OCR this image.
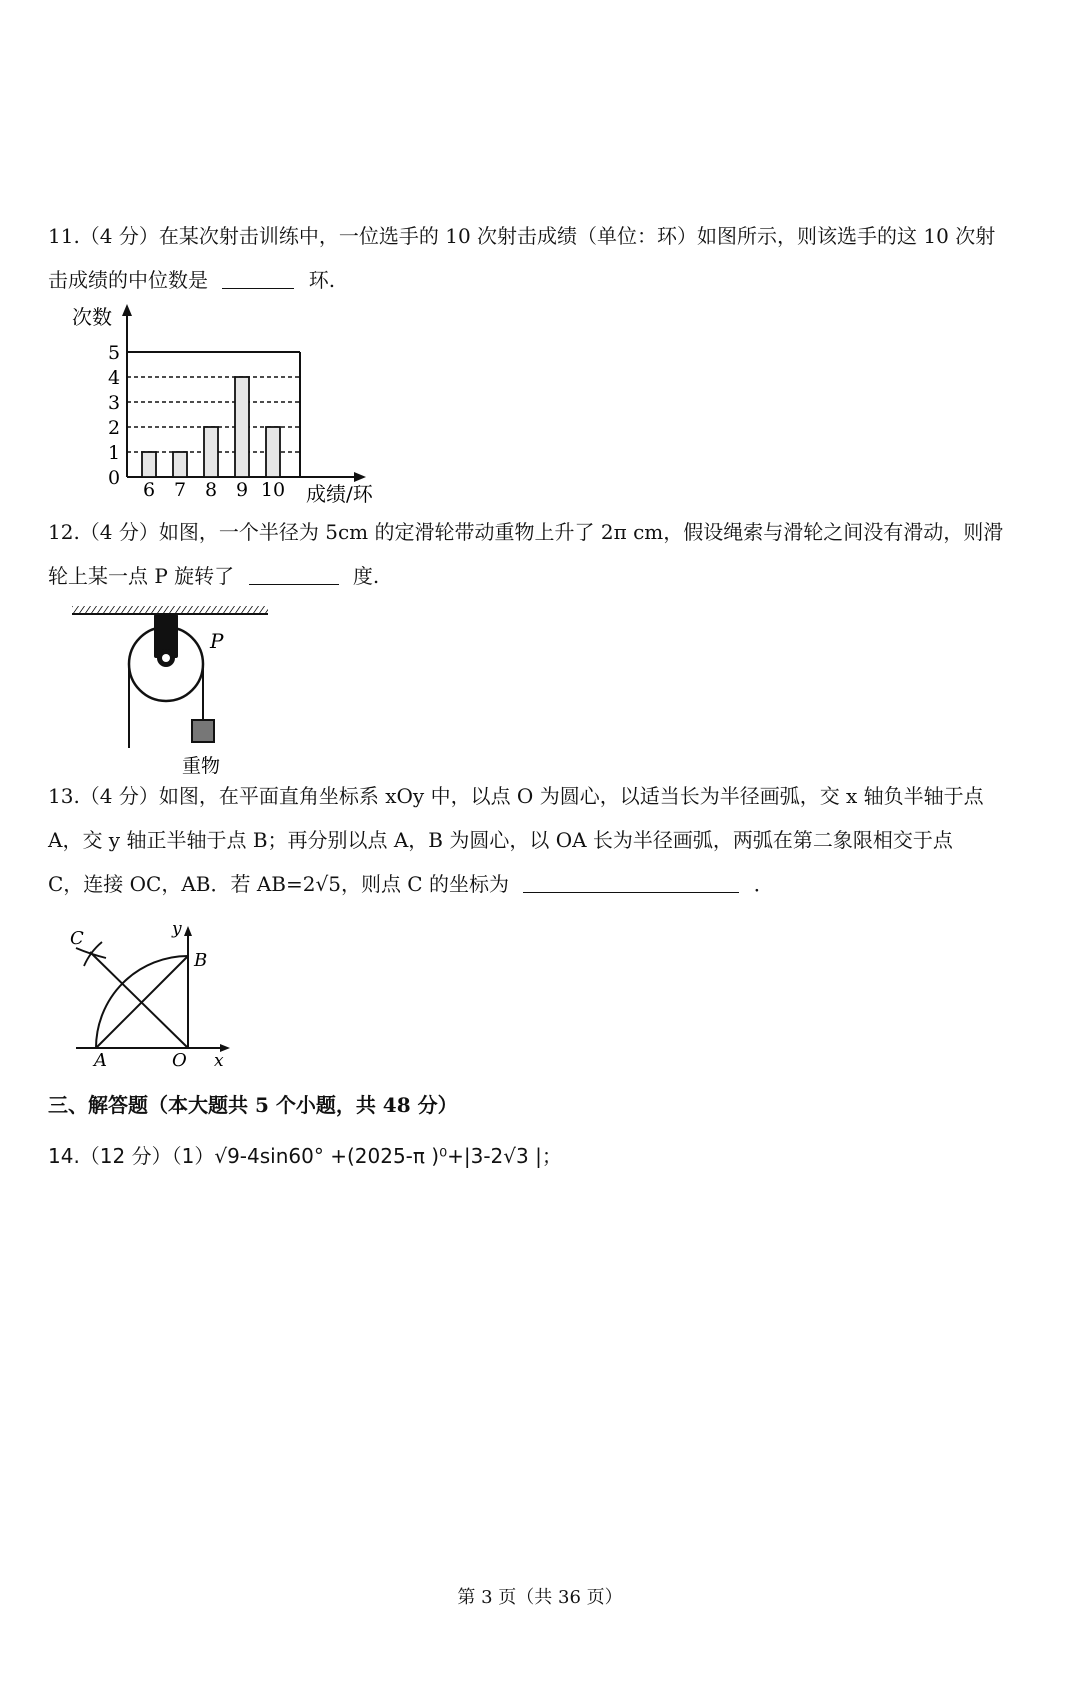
11.（4 分）在某次射击训练中，一位选手的 10 次射击成绩（单位：环）如图所示，则该选手的这 10 次射
击成绩的中位数是	环.
0
1
2
3
4
5
6 7 8 9 10
次数
成绩/环
12.（4 分）如图，一个半径为 5cm 的定滑轮带动重物上升了 2π cm，假设绳索与滑轮之间没有滑动，则滑
轮上某一点 P 旋转了	度.
P
重物
13.（4 分）如图，在平面直角坐标系 xOy 中，以点 O 为圆心，以适当长为半径画弧，交 x 轴负半轴于点
A，交 y 轴正半轴于点 B；再分别以点 A，B 为圆心，以 OA 长为半径画弧，两弧在第二象限相交于点
C，连接 OC，AB．若 AB=2√5，则点 C 的坐标为	．
C	y
B
A	O x
三、解答题（本大题共 5 个小题，共 48 分）
14.（12 分）（1）√9-4sin60° +(2025-π )⁰+|3-2√3 |；
第 3 页（共 36 页）
